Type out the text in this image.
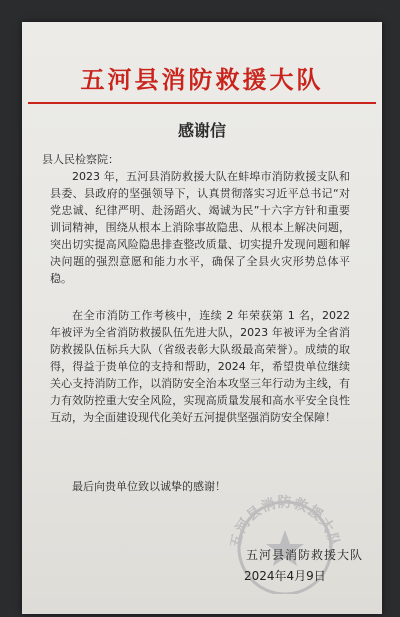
五河县消防救援大队
感谢信
县人民检察院：
2023 年，五河县消防救援大队在蚌埠市消防救援支队和县委、县政府的坚强领导下，认真贯彻落实习近平总书记“对党忠诚、纪律严明、赴汤蹈火、竭诚为民”十六字方针和重要训词精神，围绕从根本上消除事故隐患、从根本上解决问题，突出切实提高风险隐患排查整改质量、切实提升发现问题和解决问题的强烈意愿和能力水平，确保了全县火灾形势总体平稳。
在全市消防工作考核中，连续 2 年荣获第 1 名，2022 年被评为全省消防救援队伍先进大队，2023 年被评为全省消防救援队伍标兵大队（省级表彰大队级最高荣誉）。成绩的取得，得益于贵单位的支持和帮助，2024 年，希望贵单位继续关心支持消防工作，以消防安全治本攻坚三年行动为主线，有力有效防控重大安全风险，实现高质量发展和高水平安全良性互动，为全面建设现代化美好五河提供坚强消防安全保障！
最后向贵单位致以诚挚的感谢！
五河县消防救援大队
五河县消防救援大队
2024年4月9日
